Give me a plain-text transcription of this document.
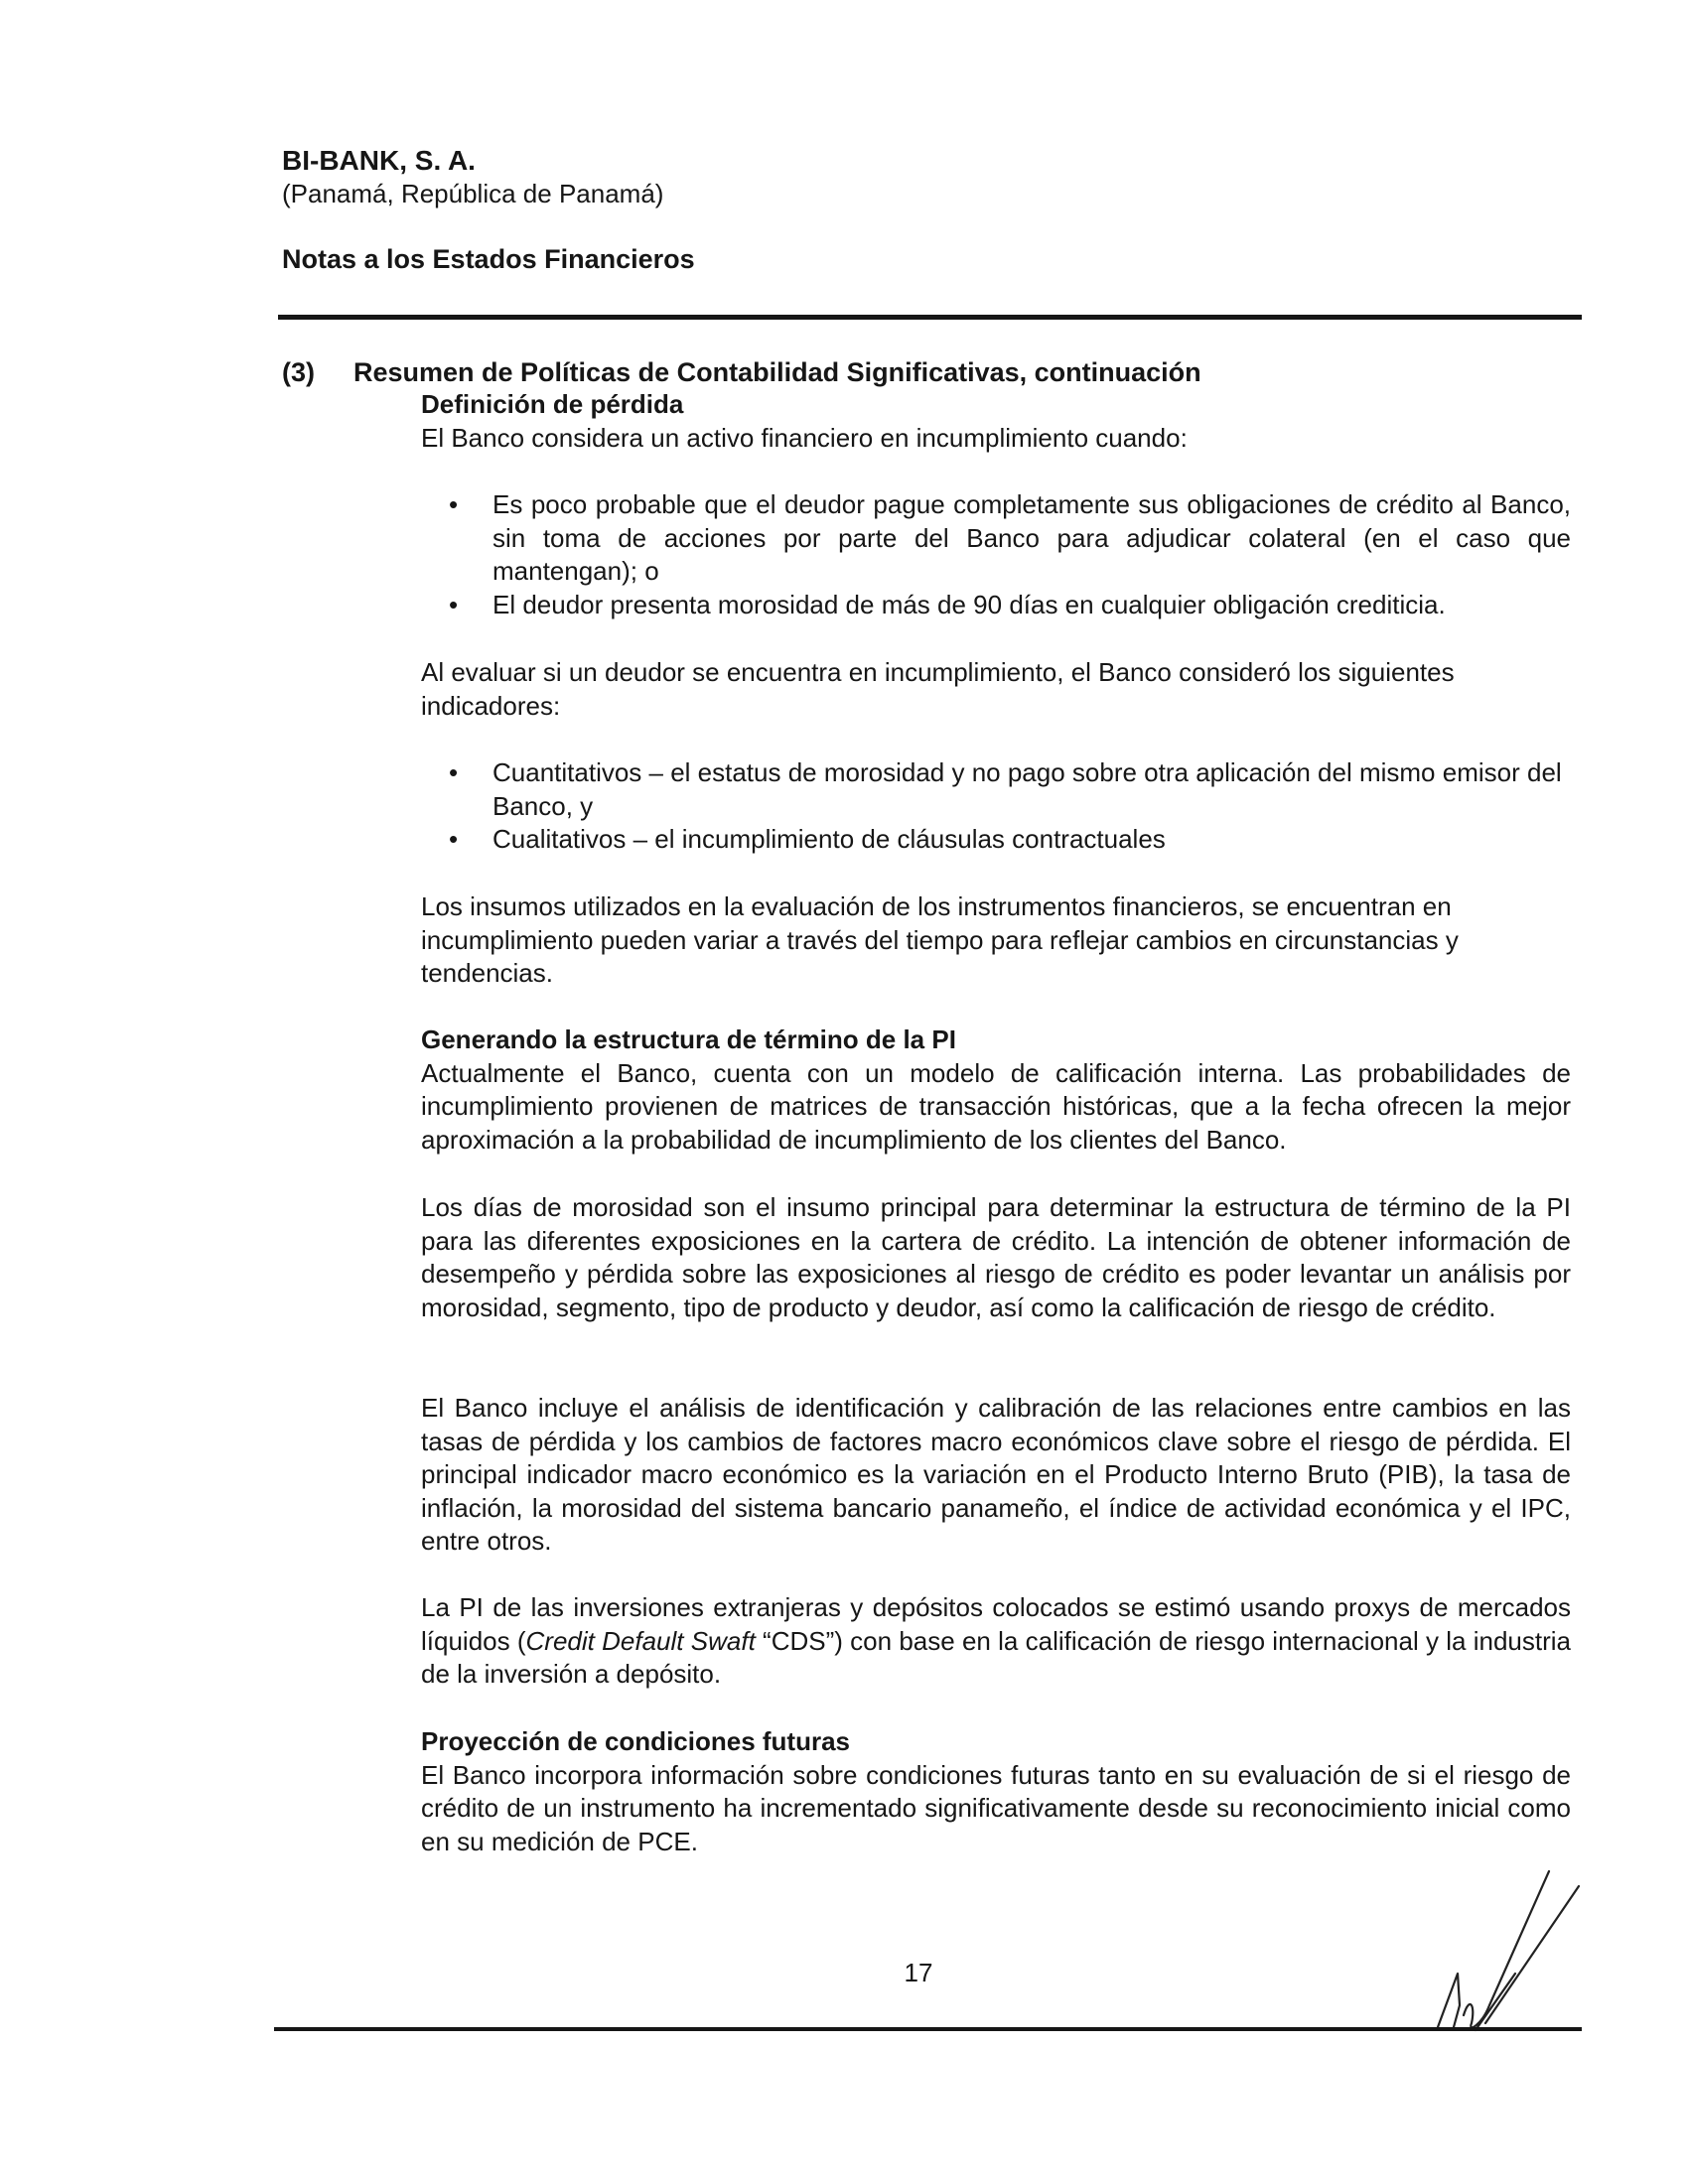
BI-BANK, S. A.
(Panamá, República de Panamá)
Notas a los Estados Financieros
(3) Resumen de Políticas de Contabilidad Significativas, continuación

Definición de pérdida

El Banco considera un activo financiero en incumplimiento cuando:

• Es poco probable que el deudor pague completamente sus obligaciones de crédito al Banco, sin toma de acciones por parte del Banco para adjudicar colateral (en el caso que mantengan); o
• El deudor presenta morosidad de más de 90 días en cualquier obligación crediticia.

Al evaluar si un deudor se encuentra en incumplimiento, el Banco consideró los siguientes indicadores:

• Cuantitativos – el estatus de morosidad y no pago sobre otra aplicación del mismo emisor del Banco, y
• Cualitativos – el incumplimiento de cláusulas contractuales

Los insumos utilizados en la evaluación de los instrumentos financieros, se encuentran en incumplimiento pueden variar a través del tiempo para reflejar cambios en circunstancias y tendencias.

Generando la estructura de término de la PI

Actualmente el Banco, cuenta con un modelo de calificación interna. Las probabilidades de incumplimiento provienen de matrices de transacción históricas, que a la fecha ofrecen la mejor aproximación a la probabilidad de incumplimiento de los clientes del Banco.

Los días de morosidad son el insumo principal para determinar la estructura de término de la PI para las diferentes exposiciones en la cartera de crédito. La intención de obtener información de desempeño y pérdida sobre las exposiciones al riesgo de crédito es poder levantar un análisis por morosidad, segmento, tipo de producto y deudor, así como la calificación de riesgo de crédito.

El Banco incluye el análisis de identificación y calibración de las relaciones entre cambios en las tasas de pérdida y los cambios de factores macro económicos clave sobre el riesgo de pérdida. El principal indicador macro económico es la variación en el Producto Interno Bruto (PIB), la tasa de inflación, la morosidad del sistema bancario panameño, el índice de actividad económica y el IPC, entre otros.

La PI de las inversiones extranjeras y depósitos colocados se estimó usando proxys de mercados líquidos (Credit Default Swaft “CDS”) con base en la calificación de riesgo internacional y la industria de la inversión a depósito.

Proyección de condiciones futuras

El Banco incorpora información sobre condiciones futuras tanto en su evaluación de si el riesgo de crédito de un instrumento ha incrementado significativamente desde su reconocimiento inicial como en su medición de PCE.

17
